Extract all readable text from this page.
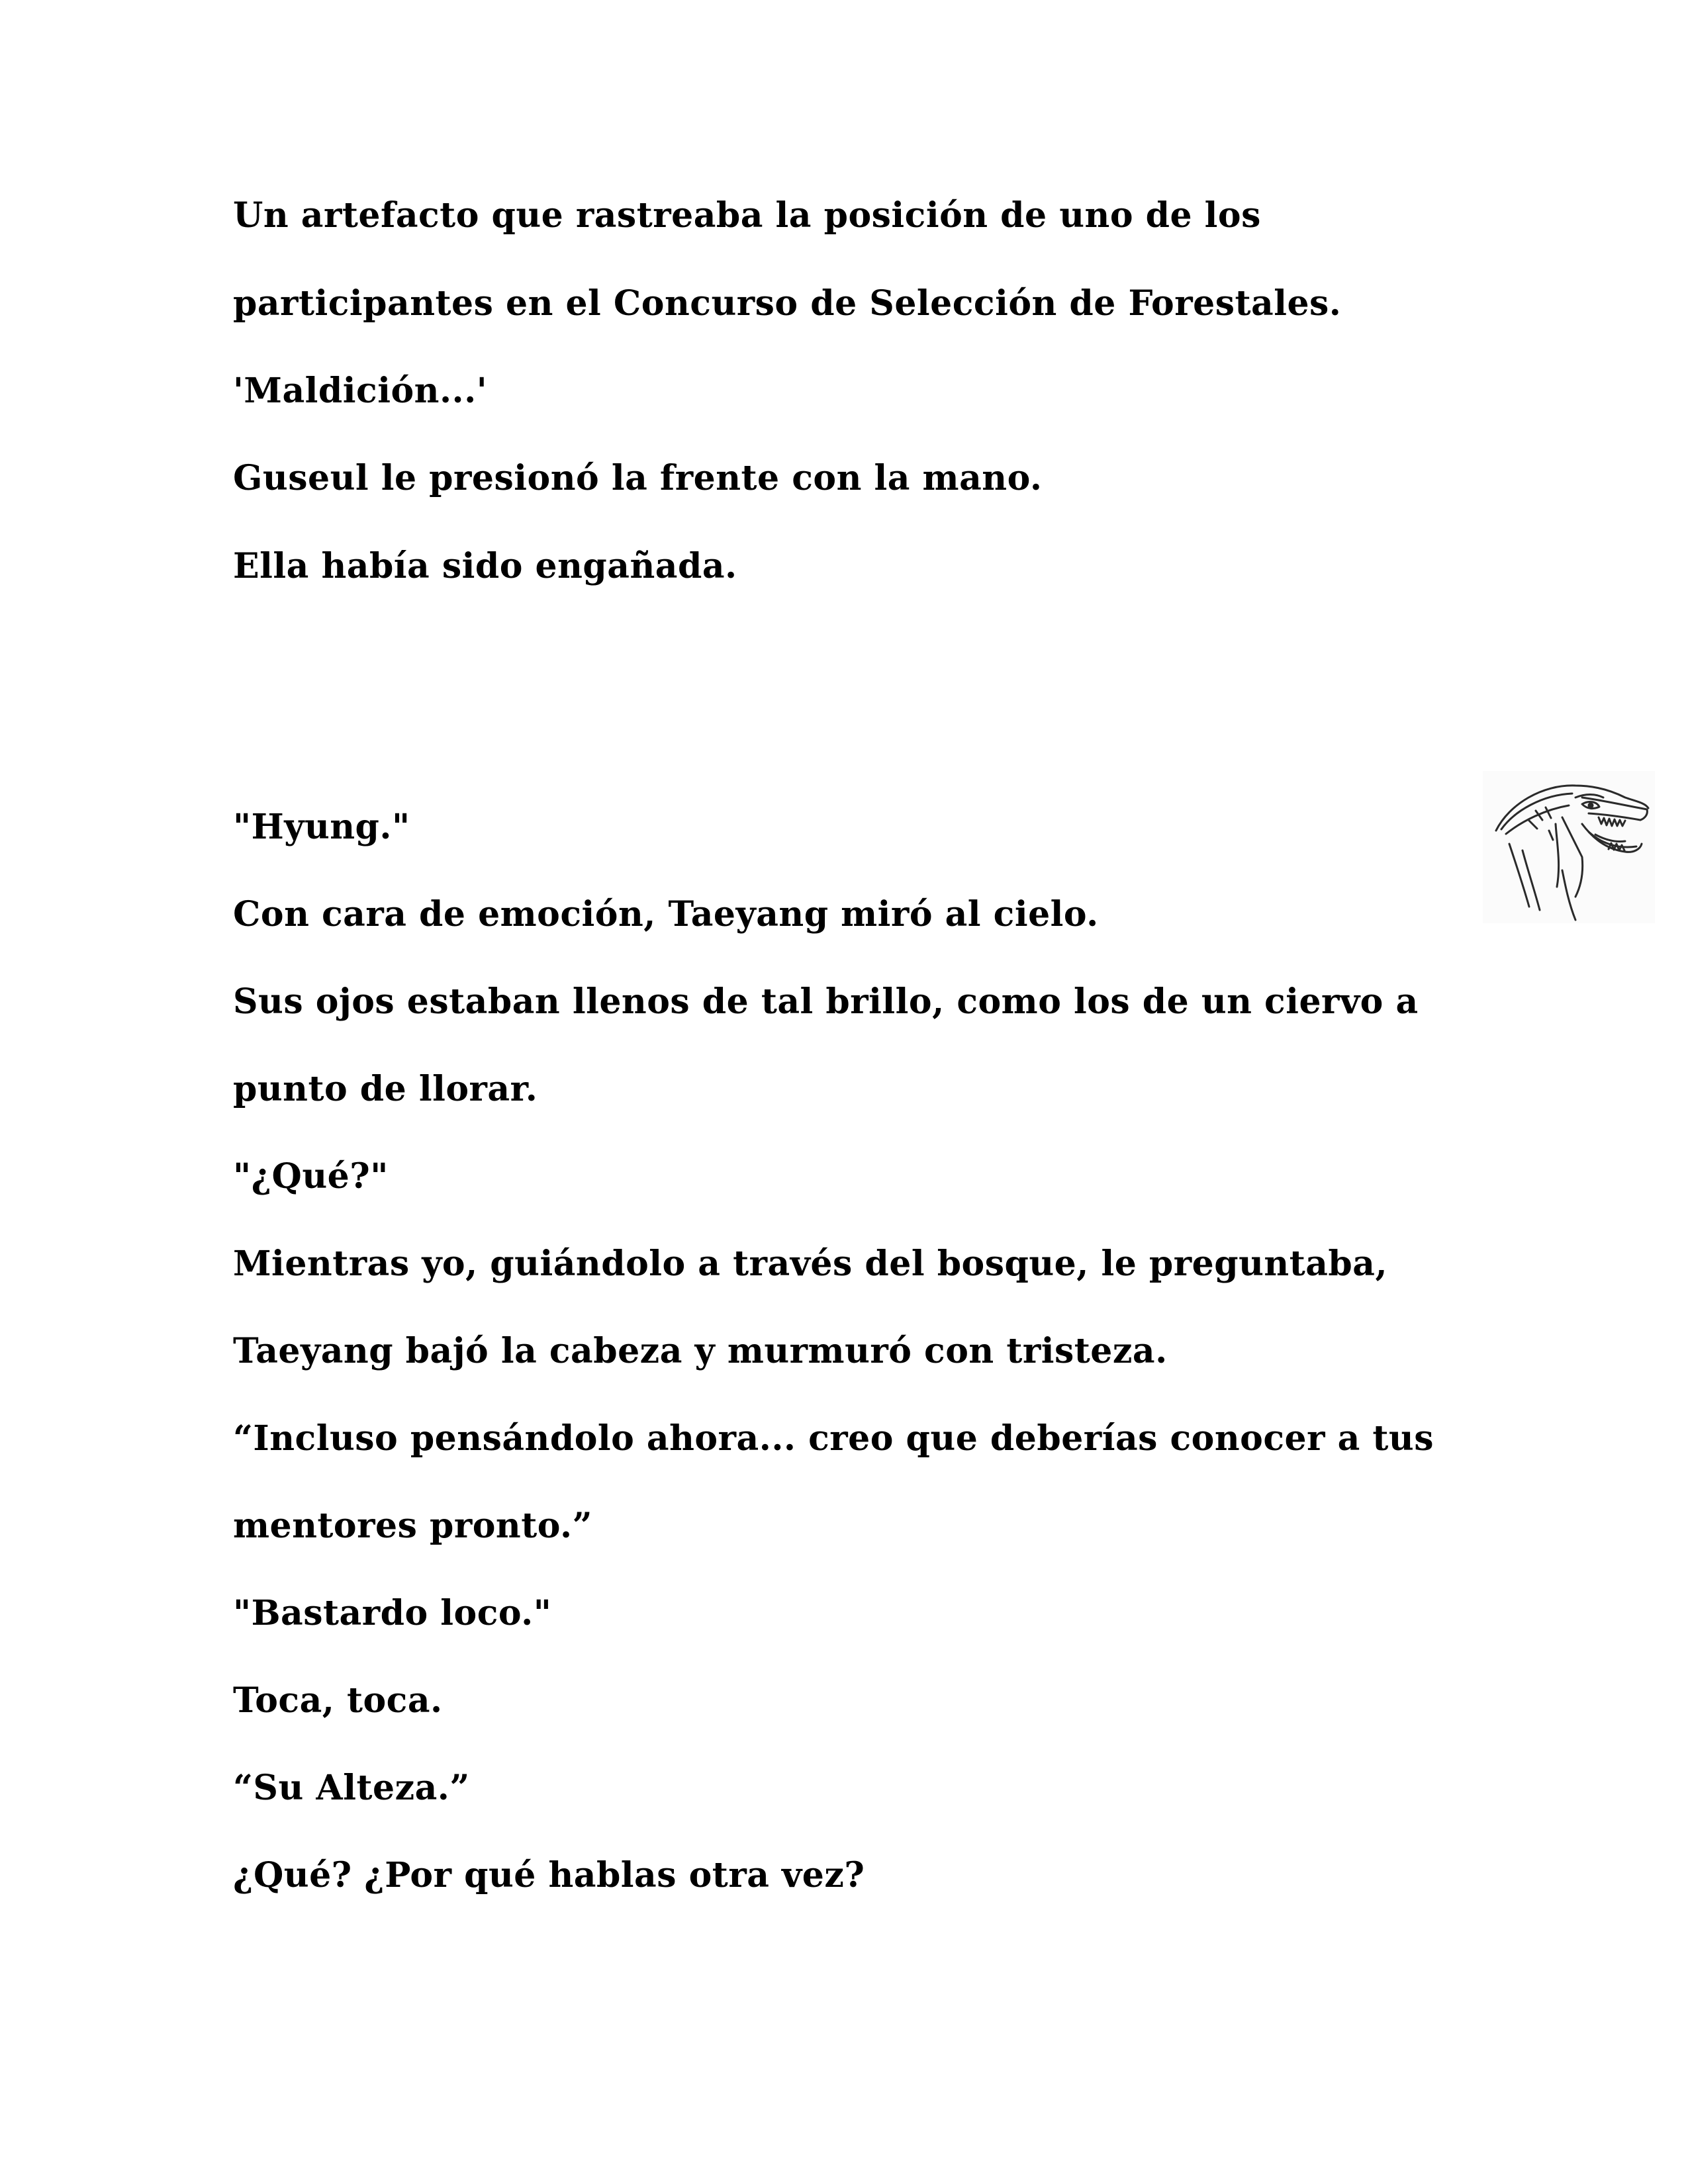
Un artefacto que rastreaba la posición de uno de los

participantes en el Concurso de Selección de Forestales.

'Maldición...'

Guseul le presionó la frente con la mano.

Ella había sido engañada.

"Hyung."

Con cara de emoción, Taeyang miró al cielo.

Sus ojos estaban llenos de tal brillo, como los de un ciervo a

punto de llorar.

"¿Qué?"

Mientras yo, guiándolo a través del bosque, le preguntaba,

Taeyang bajó la cabeza y murmuró con tristeza.

“Incluso pensándolo ahora... creo que deberías conocer a tus

mentores pronto.”

"Bastardo loco."

Toca, toca.

“Su Alteza.”

¿Qué? ¿Por qué hablas otra vez?
